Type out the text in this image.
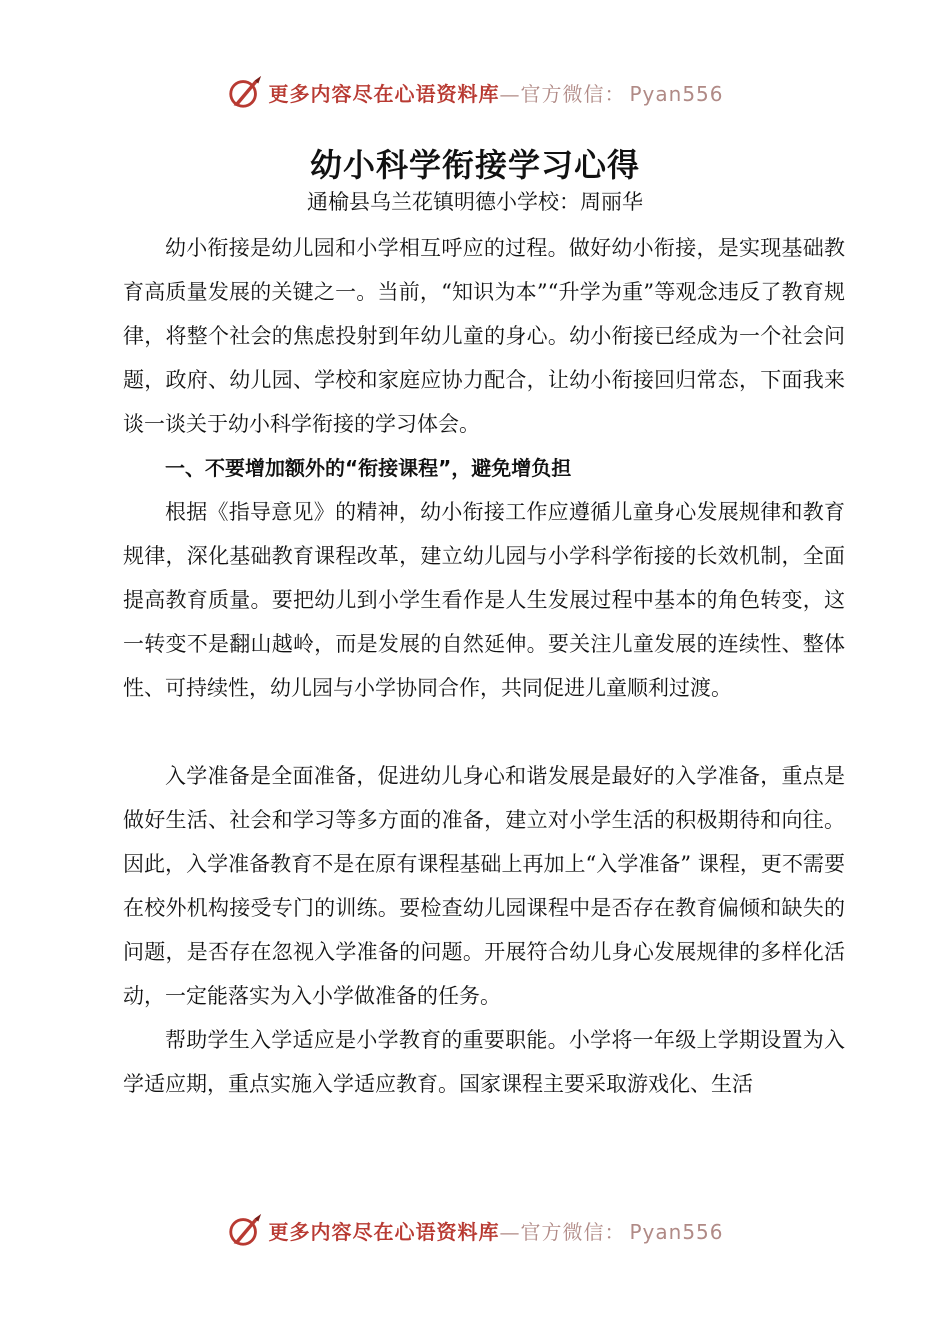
更多内容尽在心语资料库—官方微信： Pyan556
幼小科学衔接学习心得
通榆县乌兰花镇明德小学校：周丽华

幼小衔接是幼儿园和小学相互呼应的过程。做好幼小衔接，是实现基础教育高质量发展的关键之一。当前，“知识为本”“升学为重”等观念违反了教育规律，将整个社会的焦虑投射到年幼儿童的身心。幼小衔接已经成为一个社会问题，政府、幼儿园、学校和家庭应协力配合，让幼小衔接回归常态，下面我来谈一谈关于幼小科学衔接的学习体会。

一、不要增加额外的“衔接课程”，避免增负担

根据《指导意见》的精神，幼小衔接工作应遵循儿童身心发展规律和教育规律，深化基础教育课程改革，建立幼儿园与小学科学衔接的长效机制，全面提高教育质量。要把幼儿到小学生看作是人生发展过程中基本的角色转变，这一转变不是翻山越岭，而是发展的自然延伸。要关注儿童发展的连续性、整体性、可持续性，幼儿园与小学协同合作，共同促进儿童顺利过渡。

入学准备是全面准备，促进幼儿身心和谐发展是最好的入学准备，重点是做好生活、社会和学习等多方面的准备，建立对小学生活的积极期待和向往。因此，入学准备教育不是在原有课程基础上再加上“入学准备” 课程，更不需要在校外机构接受专门的训练。要检查幼儿园课程中是否存在教育偏倾和缺失的问题，是否存在忽视入学准备的问题。开展符合幼儿身心发展规律的多样化活动，一定能落实为入小学做准备的任务。

帮助学生入学适应是小学教育的重要职能。小学将一年级上学期设置为入学适应期，重点实施入学适应教育。国家课程主要采取游戏化、生活

更多内容尽在心语资料库—官方微信： Pyan556
